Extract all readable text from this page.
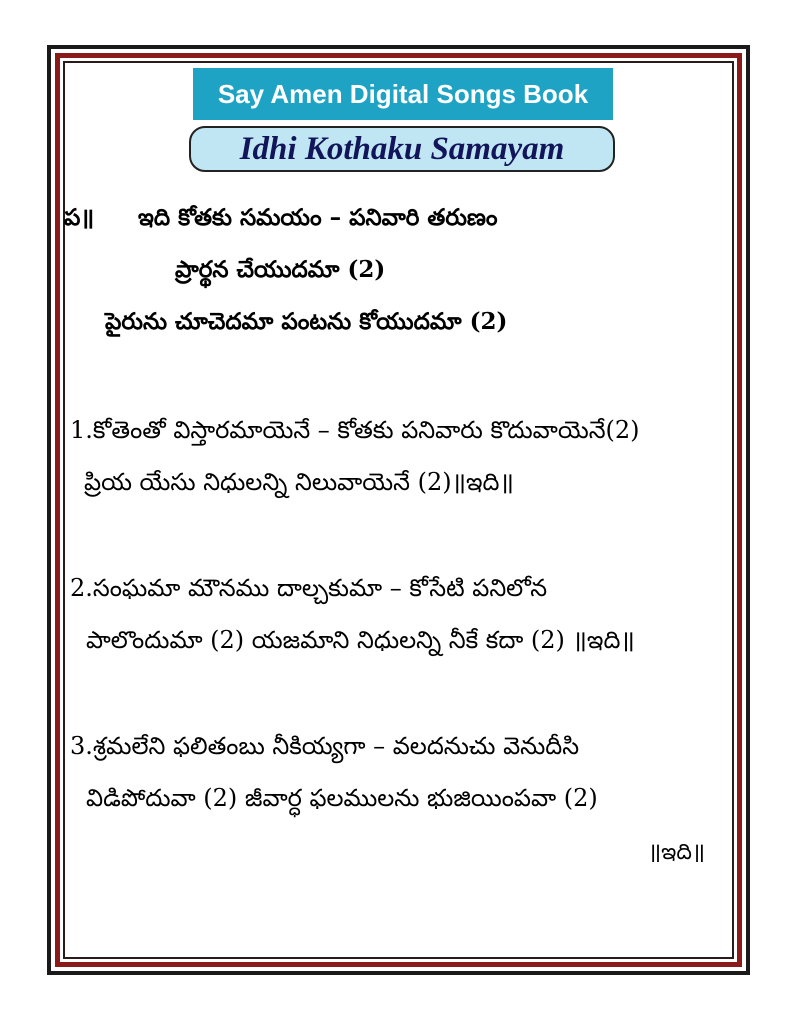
Say Amen Digital Songs Book
Idhi Kothaku Samayam
ప॥ ఇది కోతకు సమయం – పనివారి తరుణం
ప్రార్థన చేయుదమా (2)
పైరును చూచెదమా పంటను కోయుదమా (2)
1.కోతెంతో విస్తారమాయెనే – కోతకు పనివారు కొదువాయెనే(2)
ప్రియ యేసు నిధులన్ని నిలువాయెనే (2)॥ఇది॥
2.సంఘమా మౌనము దాల్చకుమా – కోసేటి పనిలోన
పాలొందుమా (2) యజమాని నిధులన్ని నీకే కదా (2) ॥ఇది॥
3.శ్రమలేని ఫలితంబు నీకియ్యగా – వలదనుచు వెనుదీసి
విడిపోదువా (2) జీవార్ధ ఫలములను భుజియింపవా (2)
॥ఇది॥
